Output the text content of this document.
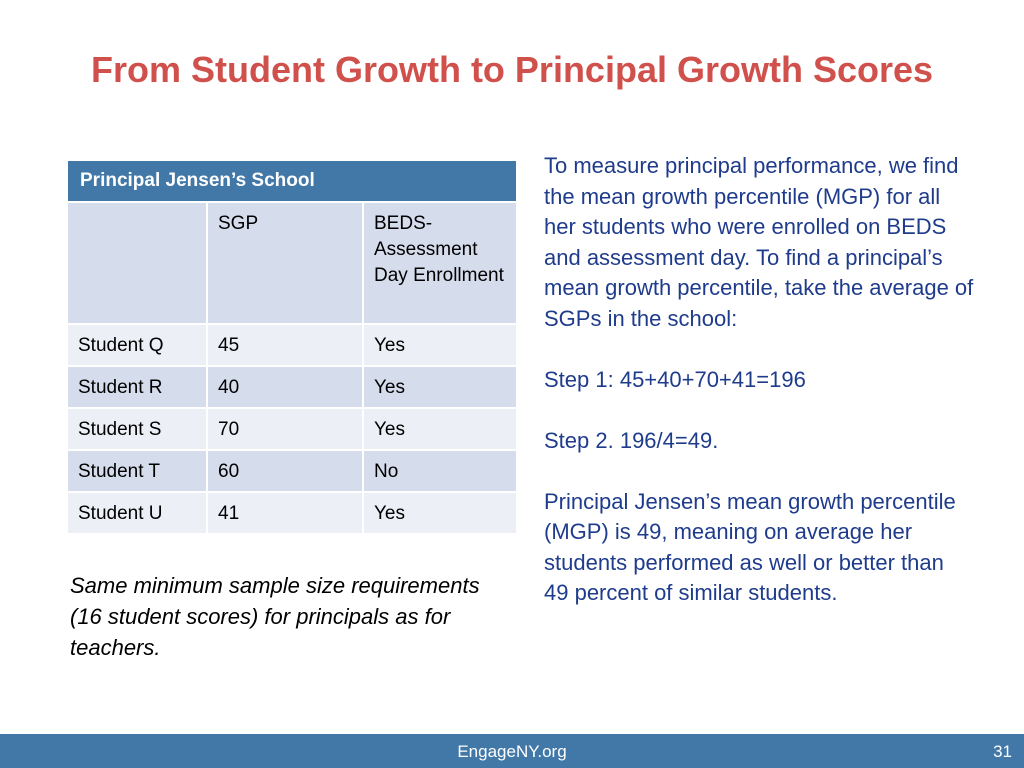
From Student Growth to Principal Growth Scores
Principal Jensen’s School		
	SGP	BEDS-Assessment Day Enrollment
Student Q	45	Yes
Student R	40	Yes
Student S	70	Yes
Student T	60	No
Student U	41	Yes
Same minimum sample size requirements (16 student scores) for principals as for teachers.

To measure principal performance, we find the mean growth percentile (MGP) for all her students who were enrolled on BEDS and assessment day. To find a principal’s mean growth percentile, take the average of SGPs in the school:

Step 1: 45+40+70+41=196

Step 2. 196/4=49.

Principal Jensen’s mean growth percentile (MGP) is 49, meaning on average her students performed as well or better than 49 percent of similar students.

EngageNY.org	31
